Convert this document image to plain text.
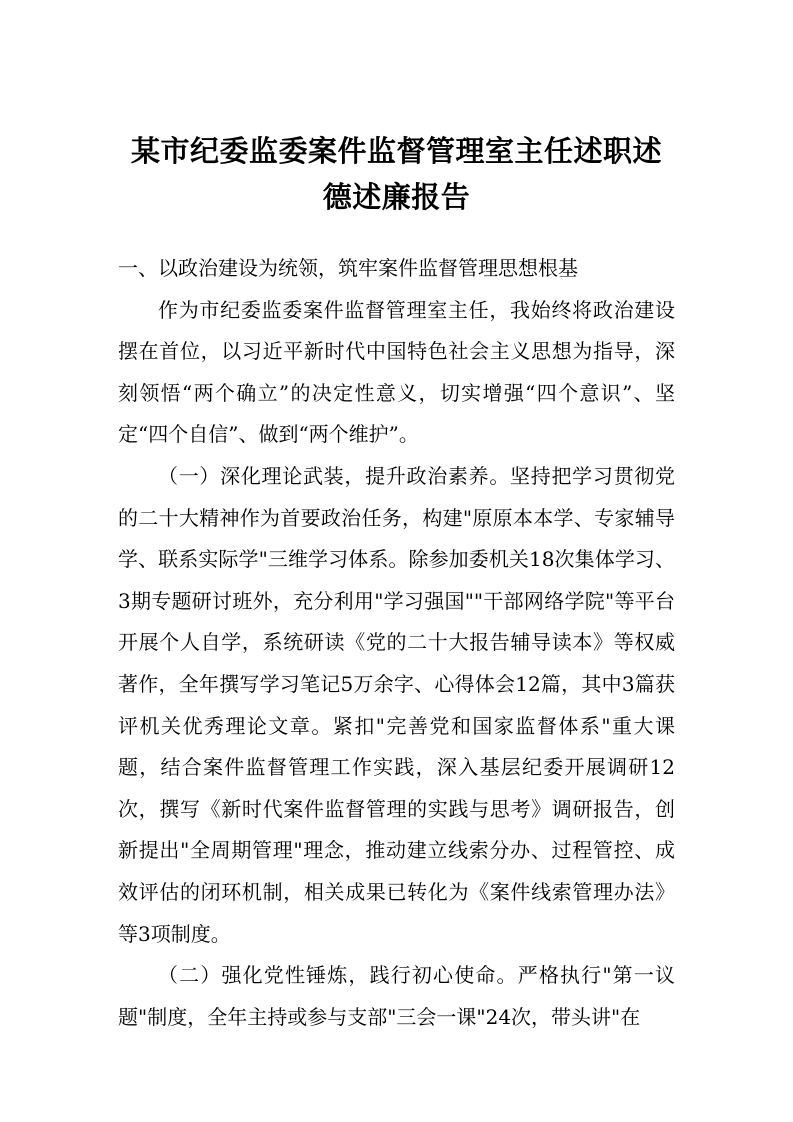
某市纪委监委案件监督管理室主任述职述
德述廉报告

一、以政治建设为统领，筑牢案件监督管理思想根基

作为市纪委监委案件监督管理室主任，我始终将政治建设摆在首位，以习近平新时代中国特色社会主义思想为指导，深刻领悟“两个确立”的决定性意义，切实增强“四个意识”、坚定“四个自信”、做到“两个维护”。

（一）深化理论武装，提升政治素养。坚持把学习贯彻党的二十大精神作为首要政治任务，构建"原原本本学、专家辅导学、联系实际学"三维学习体系。除参加委机关18次集体学习、3期专题研讨班外，充分利用"学习强国""干部网络学院"等平台开展个人自学，系统研读《党的二十大报告辅导读本》等权威著作，全年撰写学习笔记5万余字、心得体会12篇，其中3篇获评机关优秀理论文章。紧扣"完善党和国家监督体系"重大课题，结合案件监督管理工作实践，深入基层纪委开展调研12次，撰写《新时代案件监督管理的实践与思考》调研报告，创新提出"全周期管理"理念，推动建立线索分办、过程管控、成效评估的闭环机制，相关成果已转化为《案件线索管理办法》等3项制度。

（二）强化党性锤炼，践行初心使命。严格执行"第一议题"制度，全年主持或参与支部"三会一课"24次，带头讲"在
